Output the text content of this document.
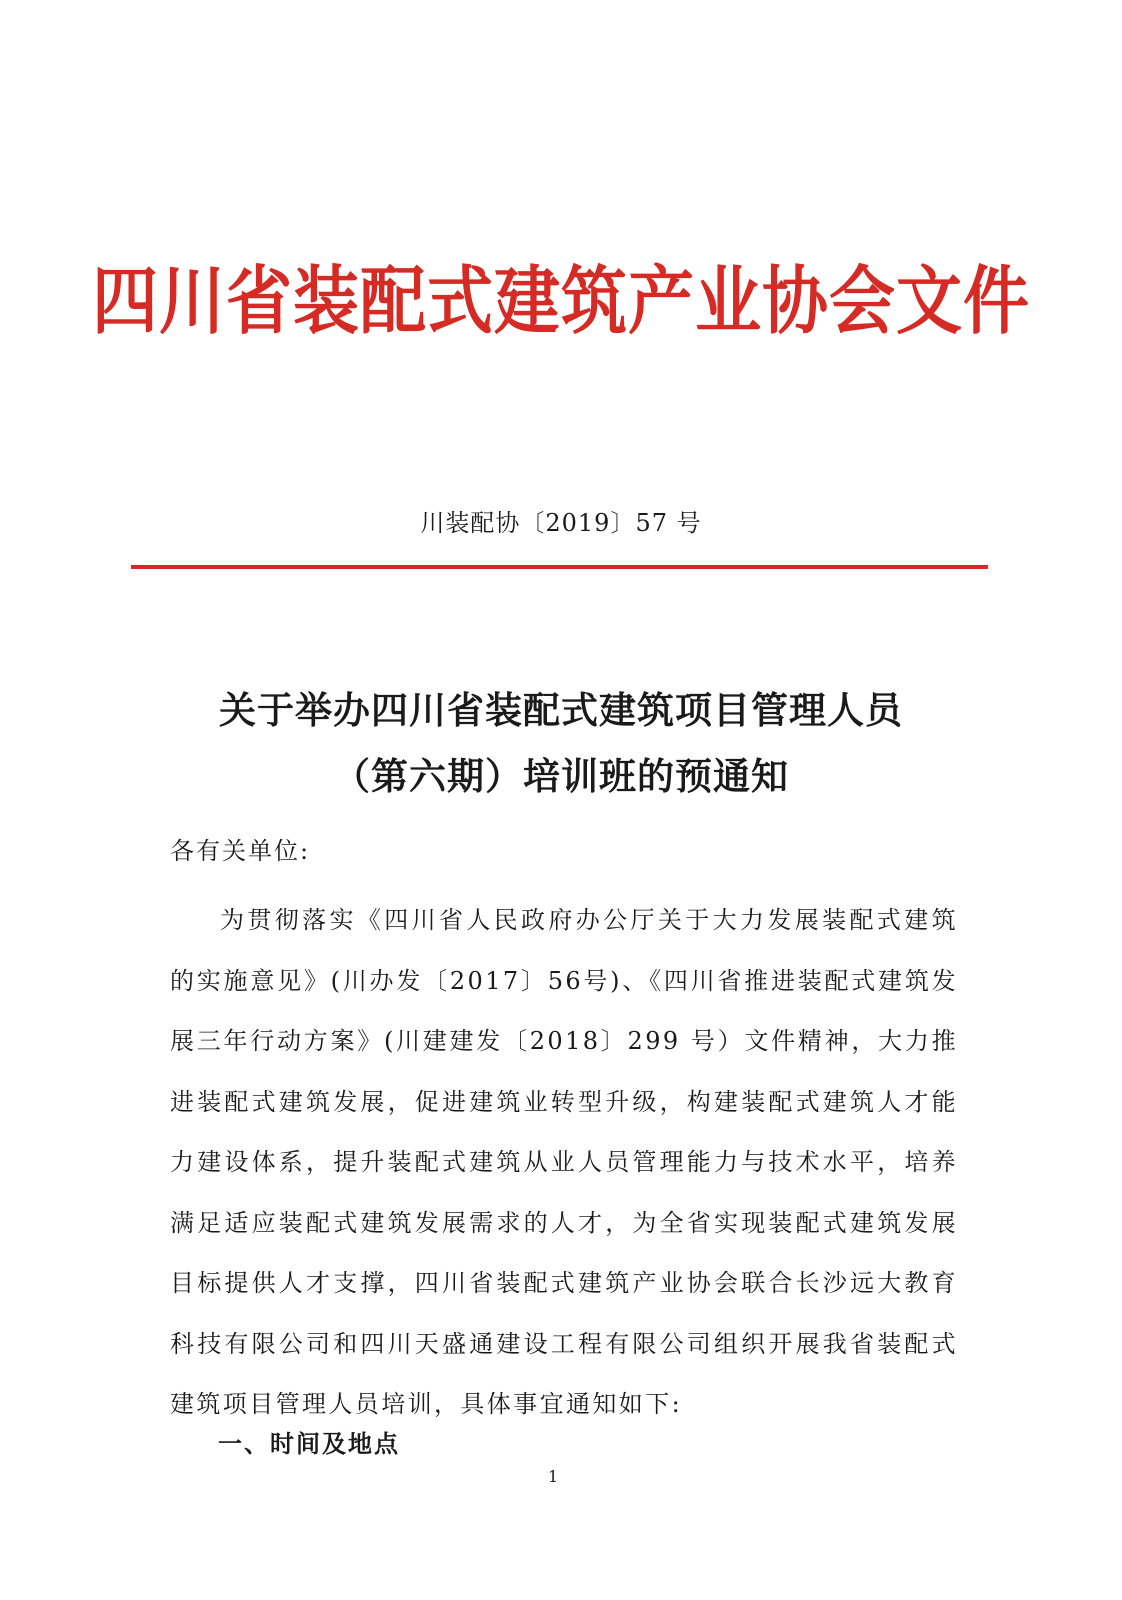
四川省装配式建筑产业协会文件
川装配协〔2019〕57 号
关于举办四川省装配式建筑项目管理人员
（第六期）培训班的预通知
各有关单位:

为贯彻落实《四川省人民政府办公厅关于大力发展装配式建筑的实施意见》(川办发〔2017〕56号)、《四川省推进装配式建筑发展三年行动方案》(川建建发〔2018〕299 号）文件精神，大力推进装配式建筑发展，促进建筑业转型升级，构建装配式建筑人才能力建设体系，提升装配式建筑从业人员管理能力与技术水平，培养满足适应装配式建筑发展需求的人才，为全省实现装配式建筑发展目标提供人才支撑，四川省装配式建筑产业协会联合长沙远大教育科技有限公司和四川天盛通建设工程有限公司组织开展我省装配式建筑项目管理人员培训，具体事宜通知如下:

一、时间及地点
1
